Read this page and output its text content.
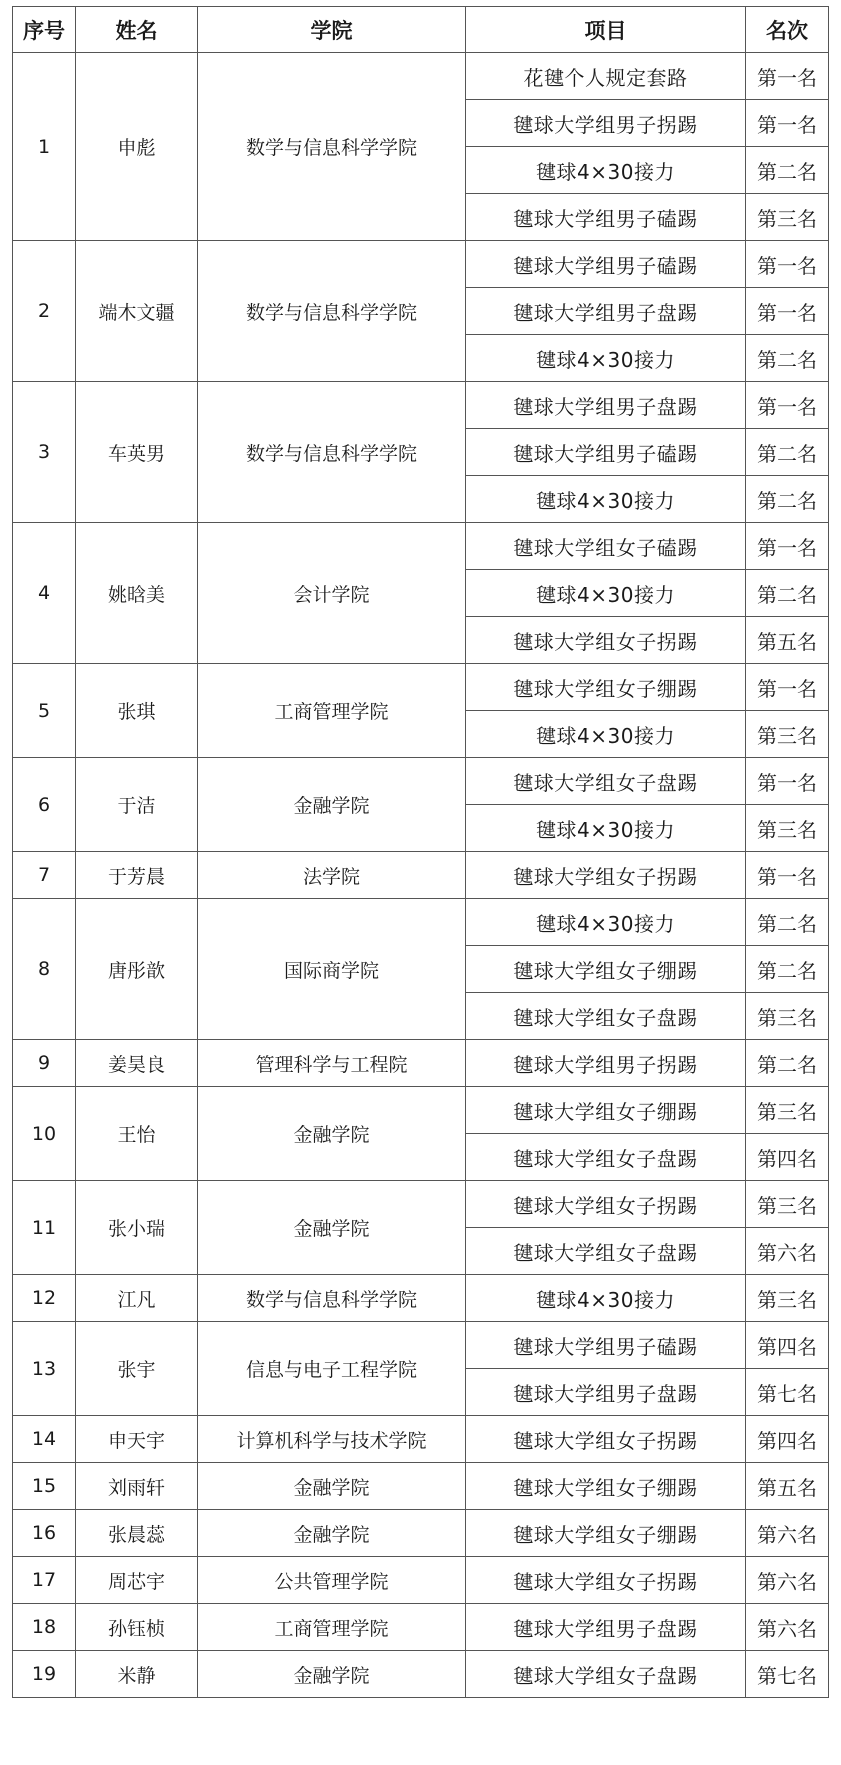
序号	姓名	学院	项目	名次
1	申彪	数学与信息科学学院	花毽个人规定套路	第一名
			毽球大学组男子拐踢	第一名
			毽球4×30接力	第二名
			毽球大学组男子磕踢	第三名
2	端木文疆	数学与信息科学学院	毽球大学组男子磕踢	第一名
			毽球大学组男子盘踢	第一名
			毽球4×30接力	第二名
3	车英男	数学与信息科学学院	毽球大学组男子盘踢	第一名
			毽球大学组男子磕踢	第二名
			毽球4×30接力	第二名
4	姚晗美	会计学院	毽球大学组女子磕踢	第一名
			毽球4×30接力	第二名
			毽球大学组女子拐踢	第五名
5	张琪	工商管理学院	毽球大学组女子绷踢	第一名
			毽球4×30接力	第三名
6	于洁	金融学院	毽球大学组女子盘踢	第一名
			毽球4×30接力	第三名
7	于芳晨	法学院	毽球大学组女子拐踢	第一名
8	唐彤歆	国际商学院	毽球4×30接力	第二名
			毽球大学组女子绷踢	第二名
			毽球大学组女子盘踢	第三名
9	姜昊良	管理科学与工程院	毽球大学组男子拐踢	第二名
10	王怡	金融学院	毽球大学组女子绷踢	第三名
			毽球大学组女子盘踢	第四名
11	张小瑞	金融学院	毽球大学组女子拐踢	第三名
			毽球大学组女子盘踢	第六名
12	江凡	数学与信息科学学院	毽球4×30接力	第三名
13	张宇	信息与电子工程学院	毽球大学组男子磕踢	第四名
			毽球大学组男子盘踢	第七名
14	申天宇	计算机科学与技术学院	毽球大学组女子拐踢	第四名
15	刘雨轩	金融学院	毽球大学组女子绷踢	第五名
16	张晨蕊	金融学院	毽球大学组女子绷踢	第六名
17	周芯宇	公共管理学院	毽球大学组女子拐踢	第六名
18	孙钰桢	工商管理学院	毽球大学组男子盘踢	第六名
19	米静	金融学院	毽球大学组女子盘踢	第七名
